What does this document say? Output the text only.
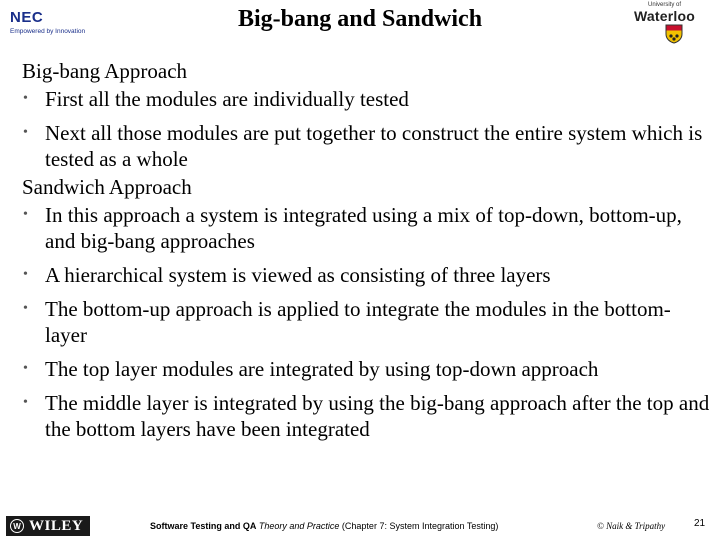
NEC
Empowered by Innovation	Big-bang and Sandwich
University of
Waterloo
Big-bang Approach
• First all the modules are individually tested
• Next all those modules are put together to construct the entire system which is tested as a whole
Sandwich Approach
• In this approach a system is integrated using a mix of top-down, bottom-up, and big-bang approaches
• A hierarchical system is viewed as consisting of three layers
• The bottom-up approach is applied to integrate the modules in the bottom-layer
• The top layer modules are integrated by using top-down approach
• The middle layer is integrated by using the big-bang approach after the top and the bottom layers have been integrated
W WILEY	Software Testing and QA Theory and Practice (Chapter 7: System Integration Testing)	© Naik & Tripathy	21
